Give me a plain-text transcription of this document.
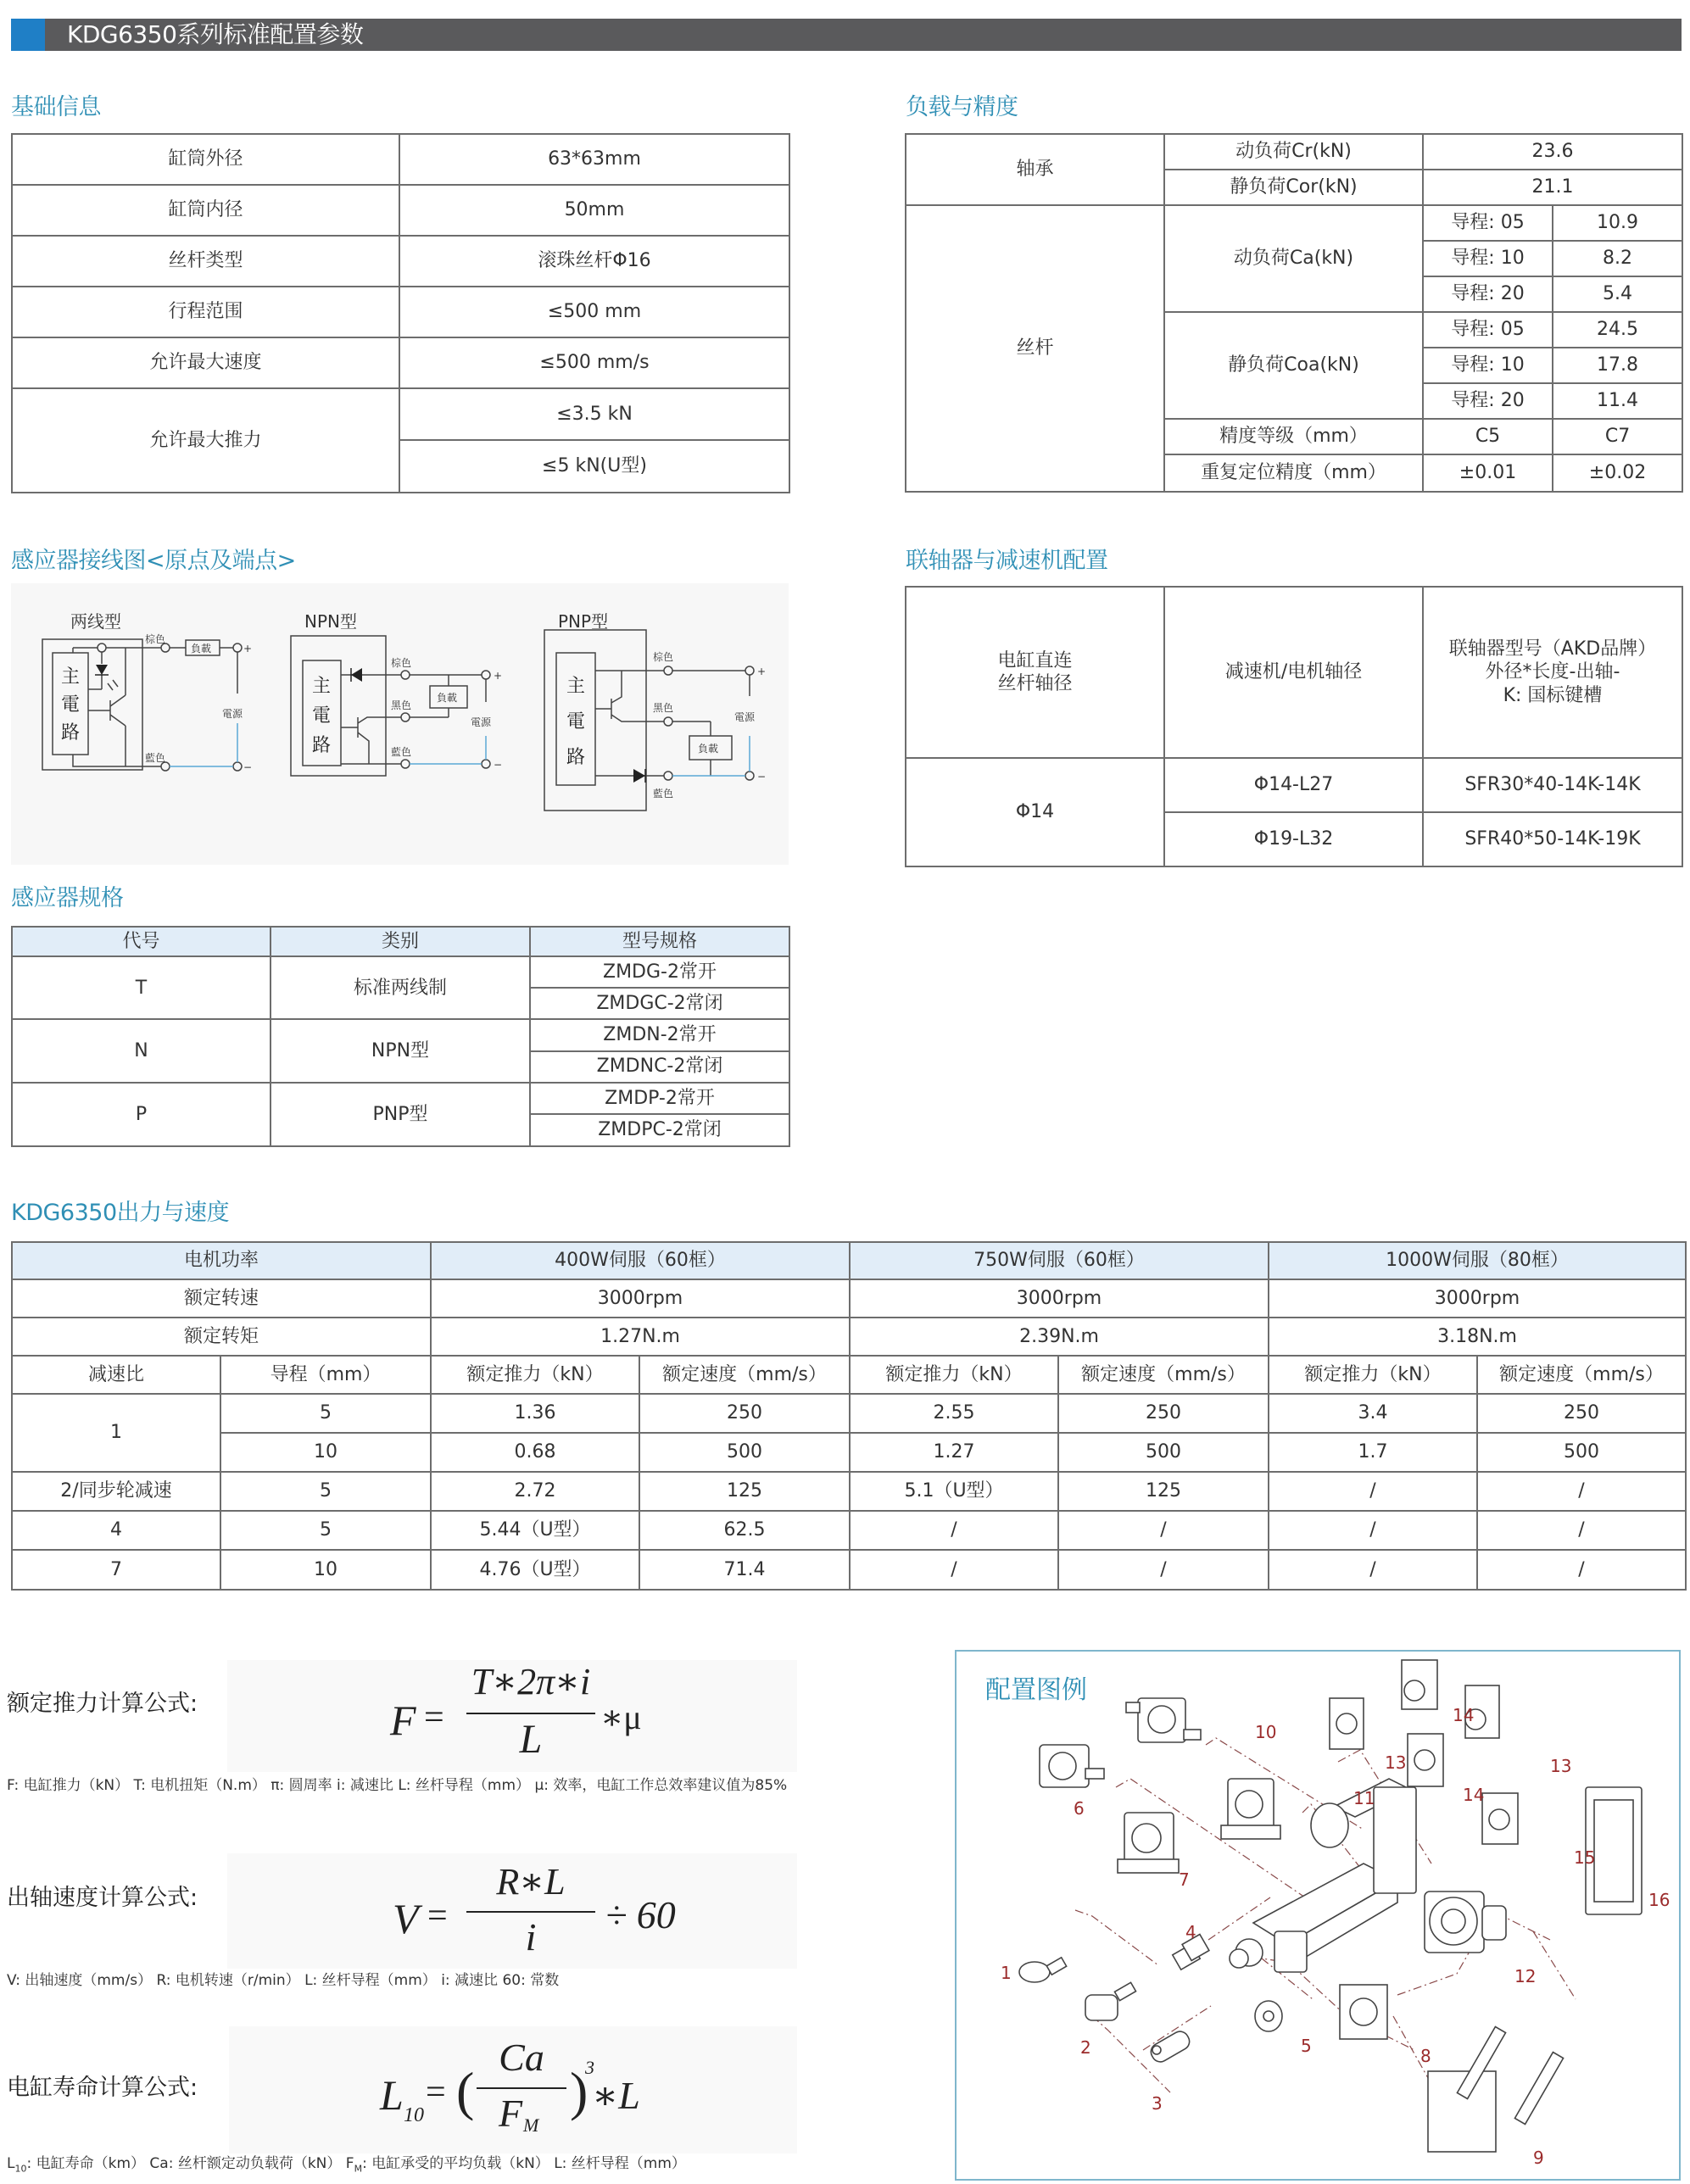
KDG6350系列标准配置参数
基础信息
缸筒外径	63*63mm
缸筒内径	50mm
丝杆类型	滚珠丝杆Φ16
行程范围	≤500 mm
允许最大速度	≤500 mm/s
允许最大推力	≤3.5 kN
	≤5 kN(U型)
负载与精度
轴承	动负荷Cr(kN)	23.6	
	静负荷Cor(kN)	21.1	
丝杆	动负荷Ca(kN)	导程: 05	10.9
		导程: 10	8.2
		导程: 20	5.4
	静负荷Coa(kN)	导程: 05	24.5
		导程: 10	17.8
		导程: 20	11.4
	精度等级（mm）	C5	C7
	重复定位精度（mm）	±0.01	±0.02
感应器接线图<原点及端点>
两线型	NPN型	PNP型
主
電
路
主
電
路
主
電
路
棕色
藍色
負載
電源
+
−
棕色
黑色
藍色
負載
電源
+
−
棕色
黑色
藍色
負載
電源
+
−
联轴器与减速机配置
电缸直连
丝杆轴径	减速机/电机轴径	联轴器型号（AKD品牌）
外径*长度-出轴-
K: 国标键槽
Φ14	Φ14-L27	SFR30*40-14K-14K
	Φ19-L32	SFR40*50-14K-19K
感应器规格
代号	类别	型号规格
T	标准两线制	ZMDG-2常开
		ZMDGC-2常闭
N	NPN型	ZMDN-2常开
		ZMDNC-2常闭
P	PNP型	ZMDP-2常开
		ZMDPC-2常闭
KDG6350出力与速度
电机功率		400W伺服（60框）		750W伺服（60框）		1000W伺服（80框）	
额定转速		3000rpm		3000rpm		3000rpm	
额定转矩		1.27N.m		2.39N.m		3.18N.m	
减速比	导程（mm）	额定推力（kN）	额定速度（mm/s）	额定推力（kN）	额定速度（mm/s）	额定推力（kN）	额定速度（mm/s）
1	5	1.36	250	2.55	250	3.4	250
	10	0.68	500	1.27	500	1.7	500
2/同步轮减速	5	2.72	125	5.1（U型）	125	/	/
4	5	5.44（U型）	62.5	/	/	/	/
7	10	4.76（U型）	71.4	/	/	/	/
额定推力计算公式:	F =
T∗2π∗i
L	∗μ
F: 电缸推力（kN） T: 电机扭矩（N.m） π: 圆周率 i: 减速比 L: 丝杆导程（mm） μ: 效率，电缸工作总效率建议值为85%
出轴速度计算公式:	V =
R∗L
i
÷ 60
V: 出轴速度（mm/s） R: 电机转速（r/min） L: 丝杆导程（mm） i: 减速比 60: 常数
电缸寿命计算公式:	L 10
= (
Ca
F M
)
3
∗L
$L_{10}$: 电缸寿命（km） Ca: 丝杆额定动负载荷（kN） $F_M$: 电缸承受的平均负载（kN） L: 丝杆导程（mm）
配置图例
1
2
3
4
5
6
7
8
9
10
11
12
13	13
14
14
15
16
